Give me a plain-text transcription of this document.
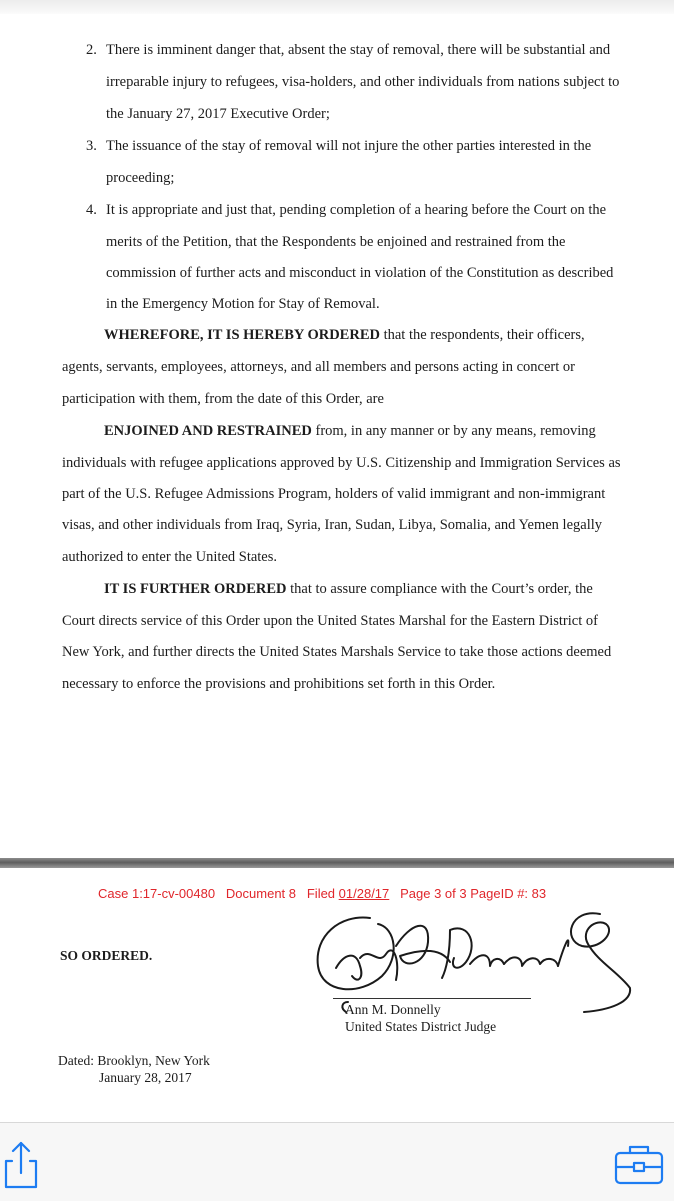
2. There is imminent danger that, absent the stay of removal, there will be substantial and
irreparable injury to refugees, visa-holders, and other individuals from nations subject to
the January 27, 2017 Executive Order;
3. The issuance of the stay of removal will not injure the other parties interested in the
proceeding;
4. It is appropriate and just that, pending completion of a hearing before the Court on the
merits of the Petition, that the Respondents be enjoined and restrained from the
commission of further acts and misconduct in violation of the Constitution as described
in the Emergency Motion for Stay of Removal.
WHEREFORE, IT IS HEREBY ORDERED that the respondents, their officers,
agents, servants, employees, attorneys, and all members and persons acting in concert or
participation with them, from the date of this Order, are
ENJOINED AND RESTRAINED from, in any manner or by any means, removing
individuals with refugee applications approved by U.S. Citizenship and Immigration Services as
part of the U.S. Refugee Admissions Program, holders of valid immigrant and non-immigrant
visas, and other individuals from Iraq, Syria, Iran, Sudan, Libya, Somalia, and Yemen legally
authorized to enter the United States.
IT IS FURTHER ORDERED that to assure compliance with the Court’s order, the
Court directs service of this Order upon the United States Marshal for the Eastern District of
New York, and further directs the United States Marshals Service to take those actions deemed
necessary to enforce the provisions and prohibitions set forth in this Order.
Case 1:17-cv-00480 Document 8 Filed 01/28/17 Page 3 of 3 PageID #: 83
SO ORDERED.
Ann M. Donnelly
United States District Judge
Dated: Brooklyn, New York
January 28, 2017
